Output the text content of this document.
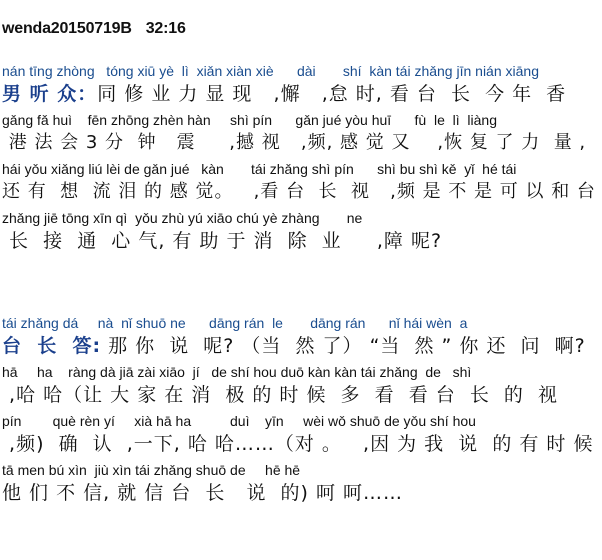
wenda20150719B 32:16
nán tīng zhòng   tóng xiū yè  lì  xiǎn xiàn xiè      dài       shí  kàn tái zhǎng jīn nián xiāng
男 听 众：同 修 业 力 显 现   ,懈   ,怠 时, 看 台  长  今 年  香
gǎng fǎ huì    fēn zhōng zhèn hàn     shì pín      gǎn jué yòu huī      fù  le  lì  liàng
港 法 会 3 分  钟   震     ,撼 视   ,频, 感 觉 又    ,恢 复 了 力  量 ,
hái yǒu xiǎng liú lèi de gǎn jué   kàn       tái zhǎng shì pín      shì bu shì kě  yǐ  hé tái
还 有  想  流 泪 的 感 觉。   ,看 台  长  视   ,频 是 不 是 可 以 和 台
zhǎng jiē tōng xīn qì  yǒu zhù yú xiāo chú yè zhàng       ne
长  接  通  心 气, 有 助 于 消  除  业     ,障 呢?
tái zhǎng dá     nà  nǐ shuō ne      dāng rán  le       dāng rán      nǐ hái wèn  a
台  长  答: 那 你  说  呢? （当  然 了） “当  然 ” 你 还  问  啊?
hā     ha    ràng dà jiā zài xiāo  jí   de shí hou duō kàn kàn tái zhǎng  de   shì
,哈 哈（让 大 家 在 消  极 的 时 候  多  看  看 台  长  的  视
pín        què rèn yí     xià hā ha          duì    yīn     wèi wǒ shuō de yǒu shí hou
,频)  确  认  ,一下, 哈 哈……（对 。   ,因 为 我  说  的 有 时 候
tā men bú xìn  jiù xìn tái zhǎng shuō de     hē hē
他 们 不 信, 就 信 台  长   说  的) 呵 呵……
